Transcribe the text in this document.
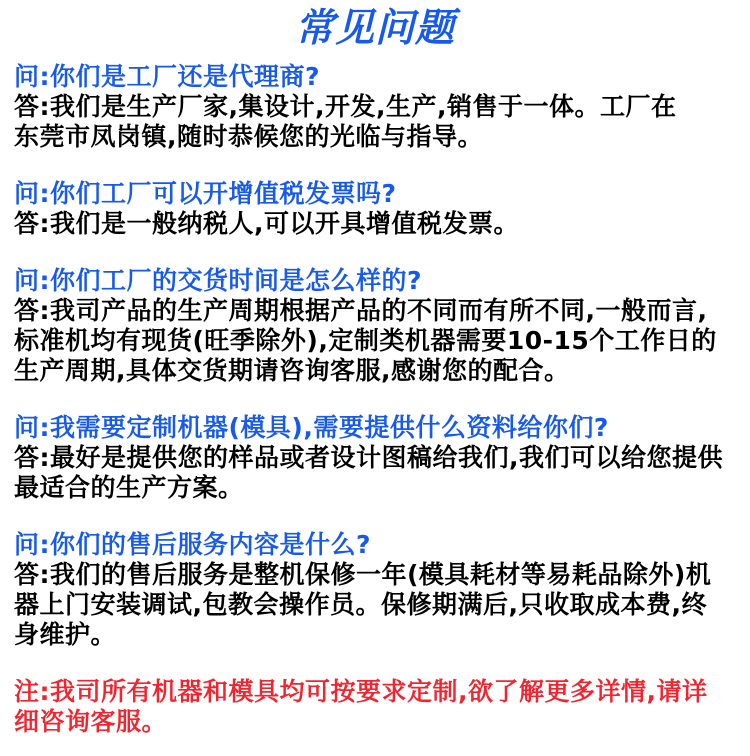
常见问题
问:你们是工厂还是代理商?
答:我们是生产厂家,集设计,开发,生产,销售于一体。工厂在
东莞市凤岗镇,随时恭候您的光临与指导。
问:你们工厂可以开增值税发票吗?
答:我们是一般纳税人,可以开具增值税发票。
问:你们工厂的交货时间是怎么样的?
答:我司产品的生产周期根据产品的不同而有所不同,一般而言,
标准机均有现货(旺季除外),定制类机器需要10-15个工作日的
生产周期,具体交货期请咨询客服,感谢您的配合。
问:我需要定制机器(模具),需要提供什么资料给你们?
答:最好是提供您的样品或者设计图稿给我们,我们可以给您提供
最适合的生产方案。
问:你们的售后服务内容是什么?
答:我们的售后服务是整机保修一年(模具耗材等易耗品除外)机
器上门安装调试,包教会操作员。保修期满后,只收取成本费,终
身维护。
注:我司所有机器和模具均可按要求定制,欲了解更多详情,请详
细咨询客服。
